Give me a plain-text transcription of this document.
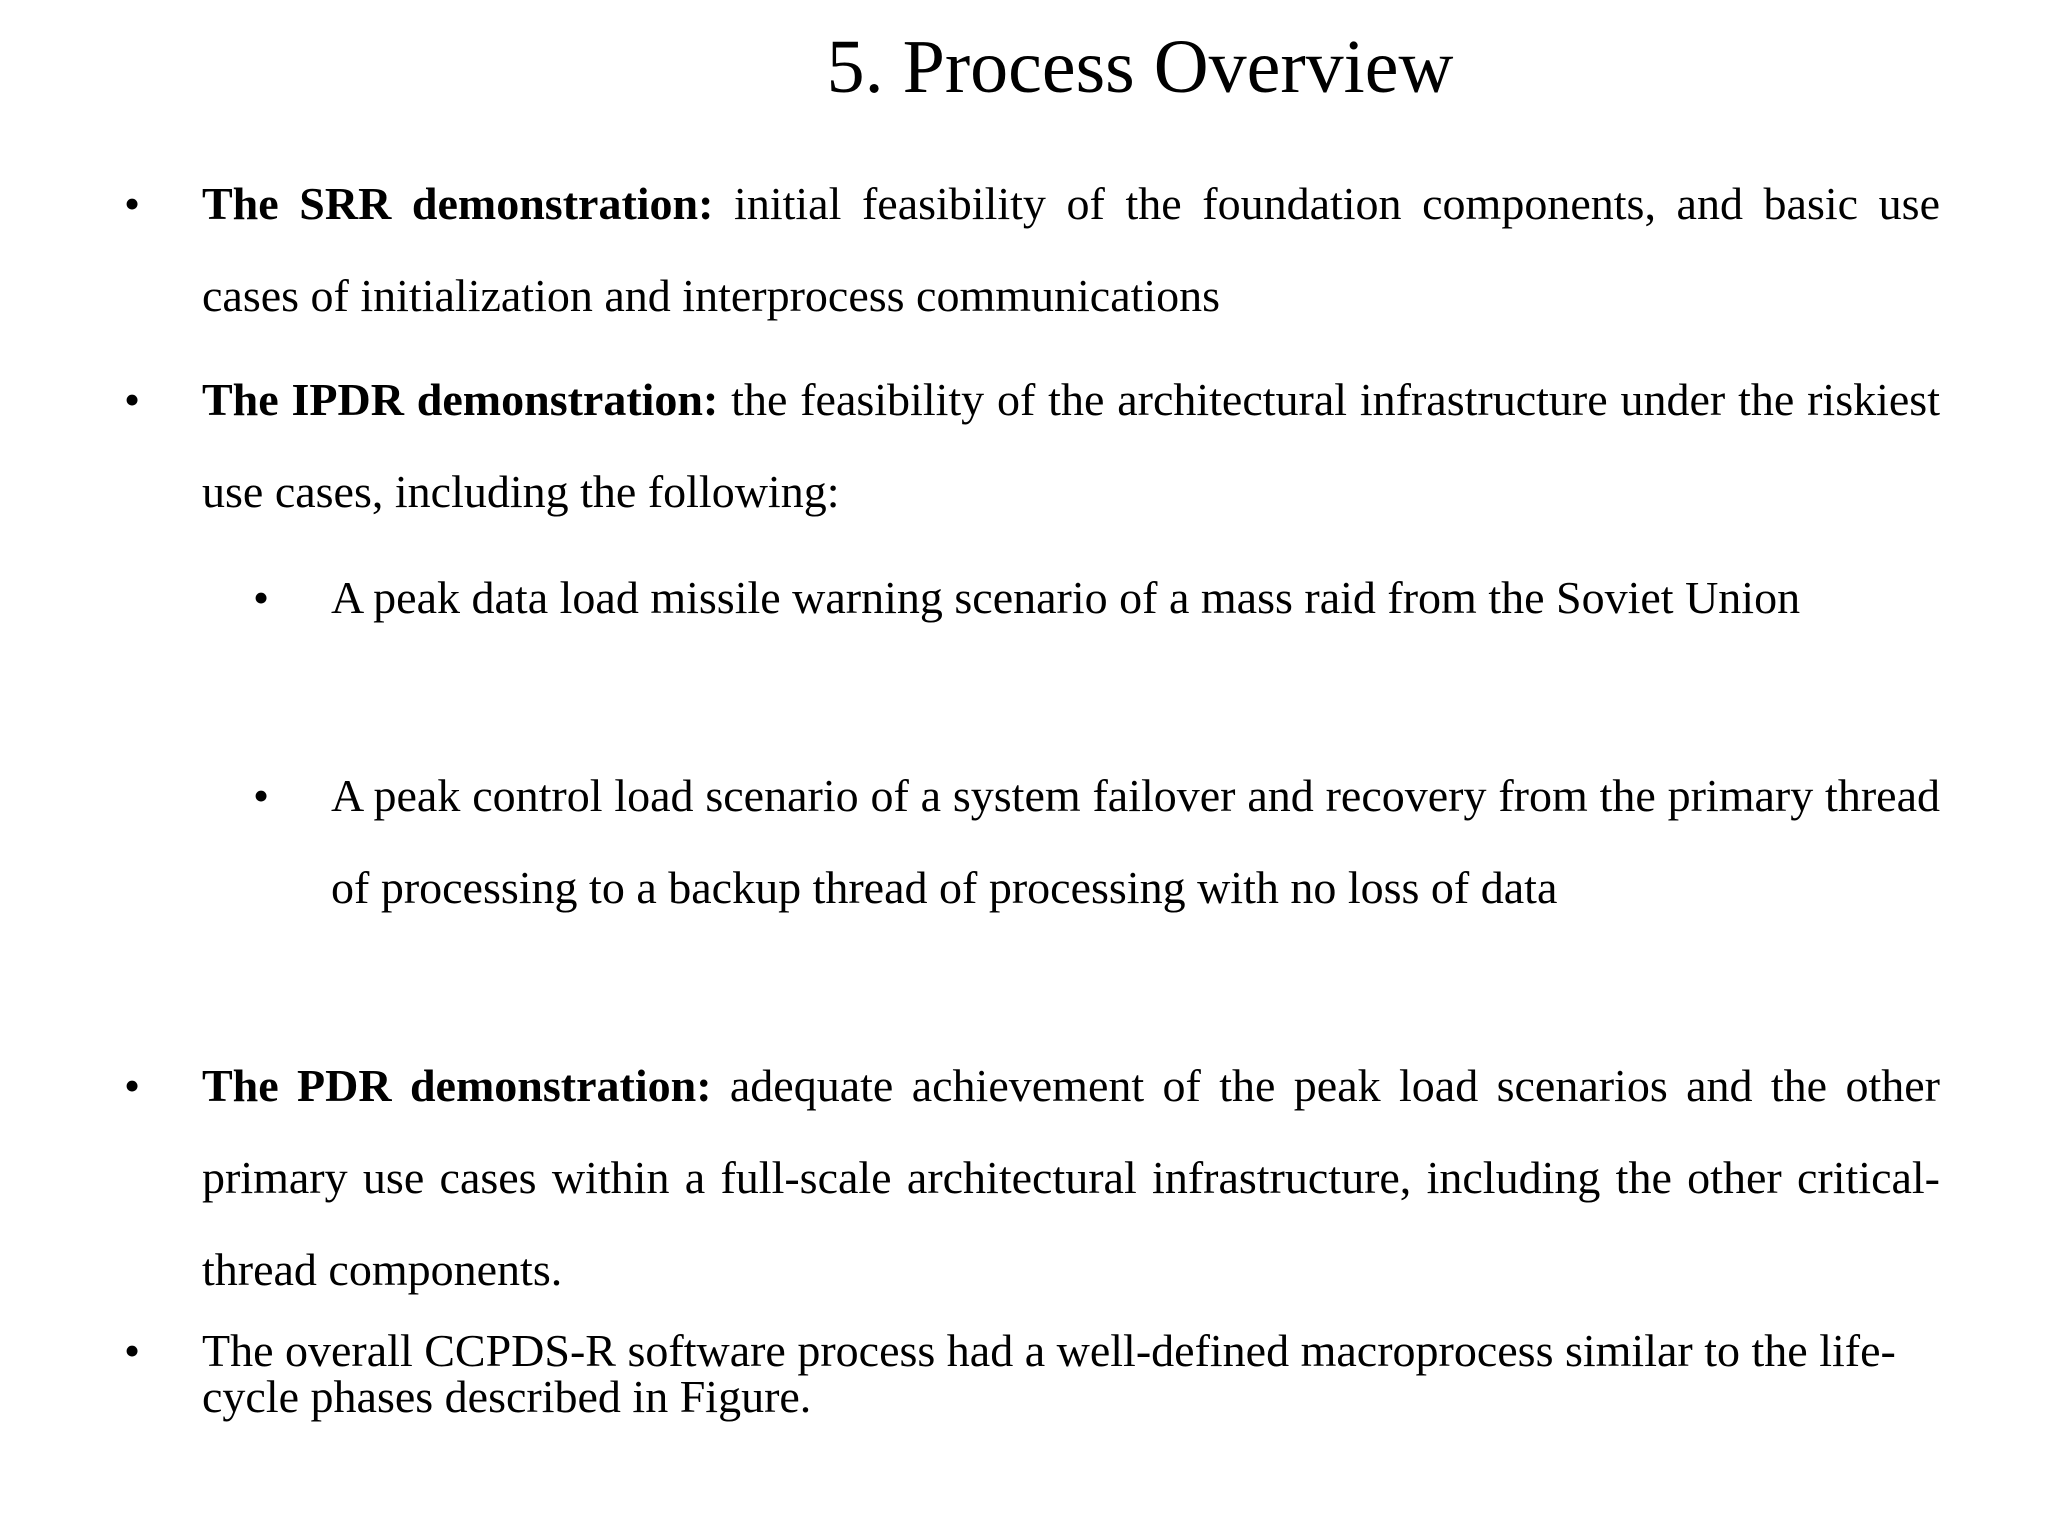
5. Process Overview
• The SRR demonstration: initial feasibility of the foundation components, and basic use cases of initialization and interprocess communications
• The IPDR demonstration: the feasibility of the architectural infrastructure under the riskiest use cases, including the following:
• A peak data load missile warning scenario of a mass raid from the Soviet Union
• A peak control load scenario of a system failover and recovery from the primary thread of processing to a backup thread of processing with no loss of data
• The PDR demonstration: adequate achievement of the peak load scenarios and the other primary use cases within a full-scale architectural infrastructure, including the other critical-thread components.
• The overall CCPDS-R software process had a well-defined macroprocess similar to the life-cycle phases described in Figure.
